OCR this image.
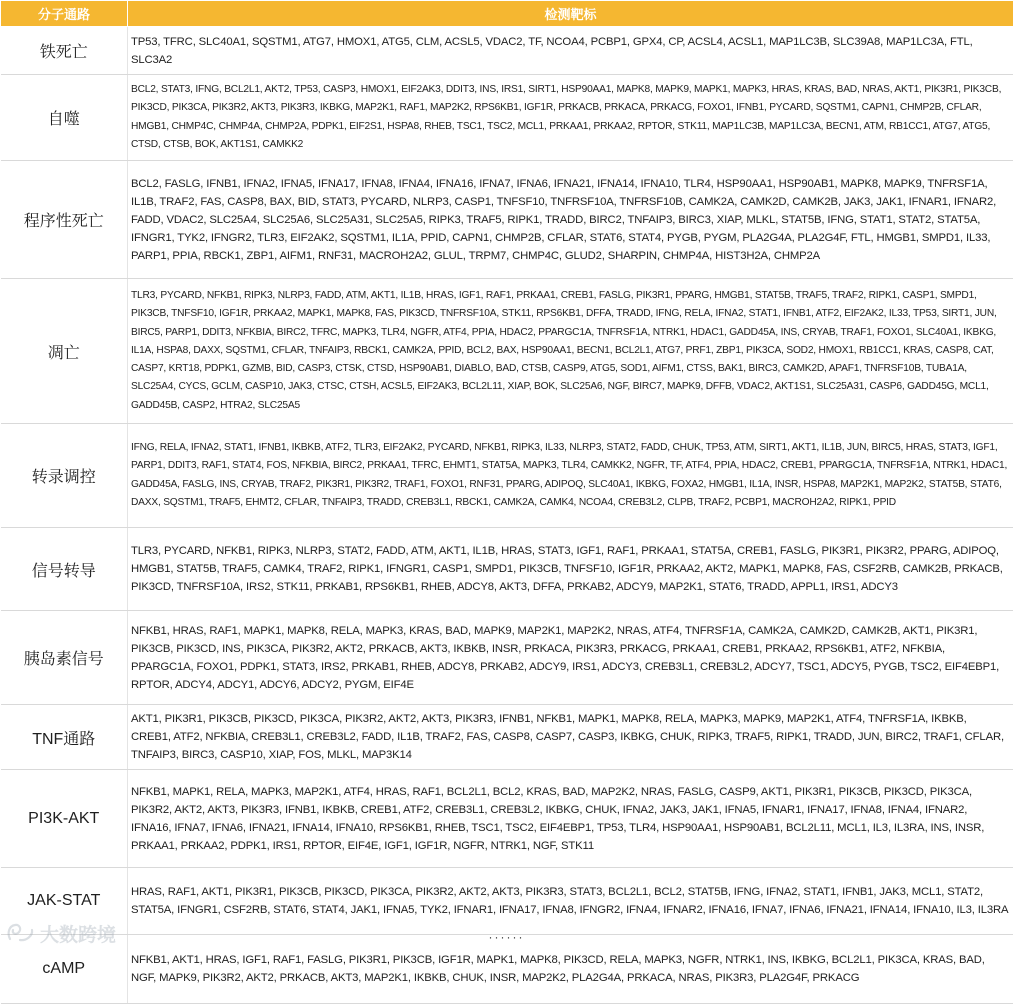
分子通路	检测靶标
铁死亡	TP53, TFRC, SLC40A1, SQSTM1, ATG7, HMOX1, ATG5, CLM, ACSL5, VDAC2, TF, NCOA4, PCBP1, GPX4, CP, ACSL4, ACSL1, MAP1LC3B, SLC39A8, MAP1LC3A, FTL, SLC3A2
自噬	BCL2, STAT3, IFNG, BCL2L1, AKT2, TP53, CASP3, HMOX1, EIF2AK3, DDIT3, INS, IRS1, SIRT1, HSP90AA1, MAPK8, MAPK9, MAPK1, MAPK3, HRAS, KRAS, BAD, NRAS, AKT1, PIK3R1, PIK3CB, PIK3CD, PIK3CA, PIK3R2, AKT3, PIK3R3, IKBKG, MAP2K1, RAF1, MAP2K2, RPS6KB1, IGF1R, PRKACB, PRKACA, PRKACG, FOXO1, IFNB1, PYCARD, SQSTM1, CAPN1, CHMP2B, CFLAR, HMGB1, CHMP4C, CHMP4A, CHMP2A, PDPK1, EIF2S1, HSPA8, RHEB, TSC1, TSC2, MCL1, PRKAA1, PRKAA2, RPTOR, STK11, MAP1LC3B, MAP1LC3A, BECN1, ATM, RB1CC1, ATG7, ATG5, CTSD, CTSB, BOK, AKT1S1, CAMKK2
程序性死亡	BCL2, FASLG, IFNB1, IFNA2, IFNA5, IFNA17, IFNA8, IFNA4, IFNA16, IFNA7, IFNA6, IFNA21, IFNA14, IFNA10, TLR4, HSP90AA1, HSP90AB1, MAPK8, MAPK9, TNFRSF1A, IL1B, TRAF2, FAS, CASP8, BAX, BID, STAT3, PYCARD, NLRP3, CASP1, TNFSF10, TNFRSF10A, TNFRSF10B, CAMK2A, CAMK2D, CAMK2B, JAK3, JAK1, IFNAR1, IFNAR2, FADD, VDAC2, SLC25A4, SLC25A6, SLC25A31, SLC25A5, RIPK3, TRAF5, RIPK1, TRADD, BIRC2, TNFAIP3, BIRC3, XIAP, MLKL, STAT5B, IFNG, STAT1, STAT2, STAT5A, IFNGR1, TYK2, IFNGR2, TLR3, EIF2AK2, SQSTM1, IL1A, PPID, CAPN1, CHMP2B, CFLAR, STAT6, STAT4, PYGB, PYGM, PLA2G4A, PLA2G4F, FTL, HMGB1, SMPD1, IL33, PARP1, PPIA, RBCK1, ZBP1, AIFM1, RNF31, MACROH2A2, GLUL, TRPM7, CHMP4C, GLUD2, SHARPIN, CHMP4A, HIST3H2A, CHMP2A
凋亡	TLR3, PYCARD, NFKB1, RIPK3, NLRP3, FADD, ATM, AKT1, IL1B, HRAS, IGF1, RAF1, PRKAA1, CREB1, FASLG, PIK3R1, PPARG, HMGB1, STAT5B, TRAF5, TRAF2, RIPK1, CASP1, SMPD1, PIK3CB, TNFSF10, IGF1R, PRKAA2, MAPK1, MAPK8, FAS, PIK3CD, TNFRSF10A, STK11, RPS6KB1, DFFA, TRADD, IFNG, RELA, IFNA2, STAT1, IFNB1, ATF2, EIF2AK2, IL33, TP53, SIRT1, JUN, BIRC5, PARP1, DDIT3, NFKBIA, BIRC2, TFRC, MAPK3, TLR4, NGFR, ATF4, PPIA, HDAC2, PPARGC1A, TNFRSF1A, NTRK1, HDAC1, GADD45A, INS, CRYAB, TRAF1, FOXO1, SLC40A1, IKBKG, IL1A, HSPA8, DAXX, SQSTM1, CFLAR, TNFAIP3, RBCK1, CAMK2A, PPID, BCL2, BAX, HSP90AA1, BECN1, BCL2L1, ATG7, PRF1, ZBP1, PIK3CA, SOD2, HMOX1, RB1CC1, KRAS, CASP8, CAT, CASP7, KRT18, PDPK1, GZMB, BID, CASP3, CTSK, CTSD, HSP90AB1, DIABLO, BAD, CTSB, CASP9, ATG5, SOD1, AIFM1, CTSS, BAK1, BIRC3, CAMK2D, APAF1, TNFRSF10B, TUBA1A, SLC25A4, CYCS, GCLM, CASP10, JAK3, CTSC, CTSH, ACSL5, EIF2AK3, BCL2L11, XIAP, BOK, SLC25A6, NGF, BIRC7, MAPK9, DFFB, VDAC2, AKT1S1, SLC25A31, CASP6, GADD45G, MCL1, GADD45B, CASP2, HTRA2, SLC25A5
转录调控	IFNG, RELA, IFNA2, STAT1, IFNB1, IKBKB, ATF2, TLR3, EIF2AK2, PYCARD, NFKB1, RIPK3, IL33, NLRP3, STAT2, FADD, CHUK, TP53, ATM, SIRT1, AKT1, IL1B, JUN, BIRC5, HRAS, STAT3, IGF1, PARP1, DDIT3, RAF1, STAT4, FOS, NFKBIA, BIRC2, PRKAA1, TFRC, EHMT1, STAT5A, MAPK3, TLR4, CAMKK2, NGFR, TF, ATF4, PPIA, HDAC2, CREB1, PPARGC1A, TNFRSF1A, NTRK1, HDAC1, GADD45A, FASLG, INS, CRYAB, TRAF2, PIK3R1, PIK3R2, TRAF1, FOXO1, RNF31, PPARG, ADIPOQ, SLC40A1, IKBKG, FOXA2, HMGB1, IL1A, INSR, HSPA8, MAP2K1, MAP2K2, STAT5B, STAT6, DAXX, SQSTM1, TRAF5, EHMT2, CFLAR, TNFAIP3, TRADD, CREB3L1, RBCK1, CAMK2A, CAMK4, NCOA4, CREB3L2, CLPB, TRAF2, PCBP1, MACROH2A2, RIPK1, PPID
信号转导	TLR3, PYCARD, NFKB1, RIPK3, NLRP3, STAT2, FADD, ATM, AKT1, IL1B, HRAS, STAT3, IGF1, RAF1, PRKAA1, STAT5A, CREB1, FASLG, PIK3R1, PIK3R2, PPARG, ADIPOQ, HMGB1, STAT5B, TRAF5, CAMK4, TRAF2, RIPK1, IFNGR1, CASP1, SMPD1, PIK3CB, TNFSF10, IGF1R, PRKAA2, AKT2, MAPK1, MAPK8, FAS, CSF2RB, CAMK2B, PRKACB, PIK3CD, TNFRSF10A, IRS2, STK11, PRKAB1, RPS6KB1, RHEB, ADCY8, AKT3, DFFA, PRKAB2, ADCY9, MAP2K1, STAT6, TRADD, APPL1, IRS1, ADCY3
胰岛素信号	NFKB1, HRAS, RAF1, MAPK1, MAPK8, RELA, MAPK3, KRAS, BAD, MAPK9, MAP2K1, MAP2K2, NRAS, ATF4, TNFRSF1A, CAMK2A, CAMK2D, CAMK2B, AKT1, PIK3R1, PIK3CB, PIK3CD, INS, PIK3CA, PIK3R2, AKT2, PRKACB, AKT3, IKBKB, INSR, PRKACA, PIK3R3, PRKACG, PRKAA1, CREB1, PRKAA2, RPS6KB1, ATF2, NFKBIA, PPARGC1A, FOXO1, PDPK1, STAT3, IRS2, PRKAB1, RHEB, ADCY8, PRKAB2, ADCY9, IRS1, ADCY3, CREB3L1, CREB3L2, ADCY7, TSC1, ADCY5, PYGB, TSC2, EIF4EBP1, RPTOR, ADCY4, ADCY1, ADCY6, ADCY2, PYGM, EIF4E
TNF通路	AKT1, PIK3R1, PIK3CB, PIK3CD, PIK3CA, PIK3R2, AKT2, AKT3, PIK3R3, IFNB1, NFKB1, MAPK1, MAPK8, RELA, MAPK3, MAPK9, MAP2K1, ATF4, TNFRSF1A, IKBKB, CREB1, ATF2, NFKBIA, CREB3L1, CREB3L2, FADD, IL1B, TRAF2, FAS, CASP8, CASP7, CASP3, IKBKG, CHUK, RIPK3, TRAF5, RIPK1, TRADD, JUN, BIRC2, TRAF1, CFLAR, TNFAIP3, BIRC3, CASP10, XIAP, FOS, MLKL, MAP3K14
PI3K-AKT	NFKB1, MAPK1, RELA, MAPK3, MAP2K1, ATF4, HRAS, RAF1, BCL2L1, BCL2, KRAS, BAD, MAP2K2, NRAS, FASLG, CASP9, AKT1, PIK3R1, PIK3CB, PIK3CD, PIK3CA, PIK3R2, AKT2, AKT3, PIK3R3, IFNB1, IKBKB, CREB1, ATF2, CREB3L1, CREB3L2, IKBKG, CHUK, IFNA2, JAK3, JAK1, IFNA5, IFNAR1, IFNA17, IFNA8, IFNA4, IFNAR2, IFNA16, IFNA7, IFNA6, IFNA21, IFNA14, IFNA10, RPS6KB1, RHEB, TSC1, TSC2, EIF4EBP1, TP53, TLR4, HSP90AA1, HSP90AB1, BCL2L11, MCL1, IL3, IL3RA, INS, INSR, PRKAA1, PRKAA2, PDPK1, IRS1, RPTOR, EIF4E, IGF1, IGF1R, NGFR, NTRK1, NGF, STK11
JAK-STAT	HRAS, RAF1, AKT1, PIK3R1, PIK3CB, PIK3CD, PIK3CA, PIK3R2, AKT2, AKT3, PIK3R3, STAT3, BCL2L1, BCL2, STAT5B, IFNG, IFNA2, STAT1, IFNB1, JAK3, MCL1, STAT2, STAT5A, IFNGR1, CSF2RB, STAT6, STAT4, JAK1, IFNA5, TYK2, IFNAR1, IFNA17, IFNA8, IFNGR2, IFNA4, IFNAR2, IFNA16, IFNA7, IFNA6, IFNA21, IFNA14, IFNA10, IL3, IL3RA
cAMP	NFKB1, AKT1, HRAS, IGF1, RAF1, FASLG, PIK3R1, PIK3CB, IGF1R, MAPK1, MAPK8, PIK3CD, RELA, MAPK3, NGFR, NTRK1, INS, IKBKG, BCL2L1, PIK3CA, KRAS, BAD, NGF, MAPK9, PIK3R2, AKT2, PRKACB, AKT3, MAP2K1, IKBKB, CHUK, INSR, MAP2K2, PLA2G4A, PRKACA, NRAS, PIK3R3, PLA2G4F, PRKACG
······
大数跨境
